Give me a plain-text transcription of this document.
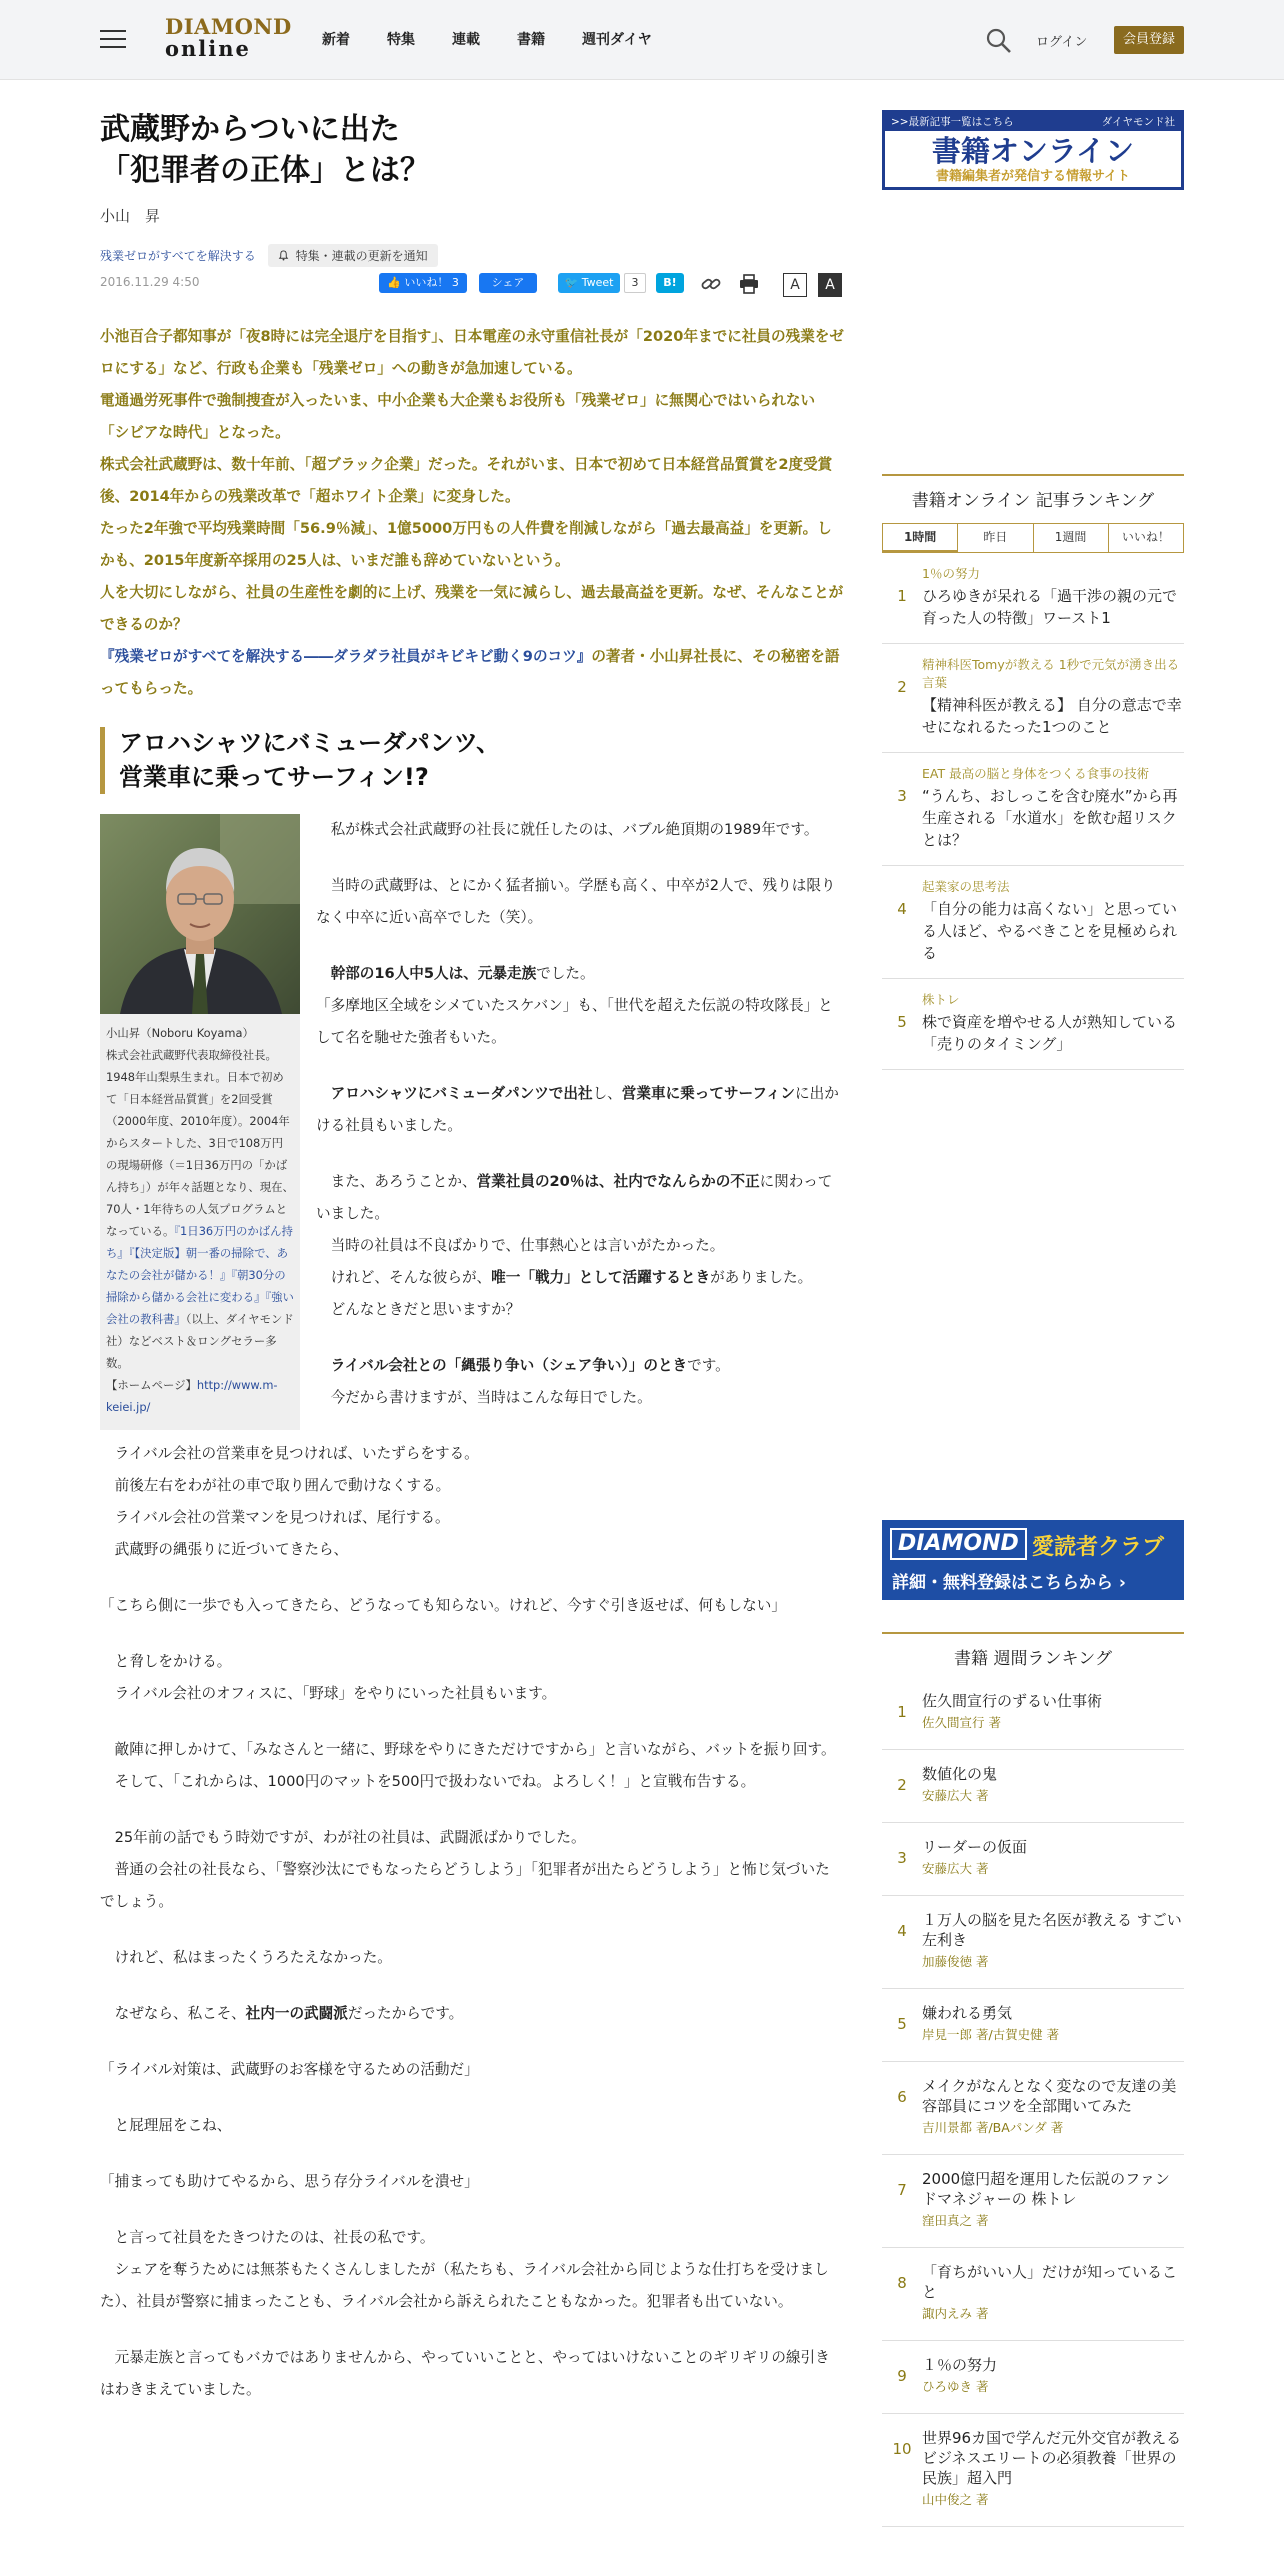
DIAMOND
online	新着	特集	連載	書籍	週刊ダイヤ	ログイン	会員登録
武蔵野からついに出た
「犯罪者の正体」とは？
小山　昇
残業ゼロがすべてを解決する	特集・連載の更新を通知
2016.11.29 4:50	👍 いいね！ 3	シェア	🐦 Tweet	3	B!	A	A

小池百合子都知事が「夜8時には完全退庁を目指す」、日本電産の永守重信社長が「2020年までに社員の残業をゼロにする」など、行政も企業も「残業ゼロ」への動きが急加速している。

電通過労死事件で強制捜査が入ったいま、中小企業も大企業もお役所も「残業ゼロ」に無関心ではいられない「シビアな時代」となった。

株式会社武蔵野は、数十年前、「超ブラック企業」だった。それがいま、日本で初めて日本経営品質賞を2度受賞後、2014年からの残業改革で「超ホワイト企業」に変身した。

たった2年強で平均残業時間「56.9％減」、1億5000万円もの人件費を削減しながら「過去最高益」を更新。しかも、2015年度新卒採用の25人は、いまだ誰も辞めていないという。

人を大切にしながら、社員の生産性を劇的に上げ、残業を一気に減らし、過去最高益を更新。なぜ、そんなことができるのか？

『残業ゼロがすべてを解決する――ダラダラ社員がキビキビ動く9のコツ』の著者・小山昇社長に、その秘密を語ってもらった。

アロハシャツにバミューダパンツ、
営業車に乗ってサーフィン!?
小山昇（Noboru Koyama）
株式会社武蔵野代表取締役社長。1948年山梨県生まれ。日本で初めて「日本経営品質賞」を2回受賞（2000年度、2010年度）。2004年からスタートした、3日で108万円の現場研修（＝1日36万円の「かばん持ち」）が年々話題となり、現在、70人・1年待ちの人気プログラムとなっている。『1日36万円のかばん持ち』『【決定版】朝一番の掃除で、あなたの会社が儲かる！』『朝30分の掃除から儲かる会社に変わる』『強い会社の教科書』（以上、ダイヤモンド社）などベスト＆ロングセラー多数。
【ホームページ】http://www.m-keiei.jp/

　私が株式会社武蔵野の社長に就任したのは、バブル絶頂期の1989年です。

　当時の武蔵野は、とにかく猛者揃い。学歴も高く、中卒が2人で、残りは限りなく中卒に近い高卒でした（笑）。

　幹部の16人中5人は、元暴走族でした。

「多摩地区全域をシメていたスケバン」も、「世代を超えた伝説の特攻隊長」として名を馳せた強者もいた。

　アロハシャツにバミューダパンツで出社し、営業車に乗ってサーフィンに出かける社員もいました。

　また、あろうことか、営業社員の20％は、社内でなんらかの不正に関わっていました。

　当時の社員は不良ばかりで、仕事熱心とは言いがたかった。

　けれど、そんな彼らが、唯一「戦力」として活躍するときがありました。

　どんなときだと思いますか？

　ライバル会社との「縄張り争い（シェア争い）」のときです。

　今だから書けますが、当時はこんな毎日でした。

　ライバル会社の営業車を見つければ、いたずらをする。

　前後左右をわが社の車で取り囲んで動けなくする。

　ライバル会社の営業マンを見つければ、尾行する。

　武蔵野の縄張りに近づいてきたら、

「こちら側に一歩でも入ってきたら、どうなっても知らない。けれど、今すぐ引き返せば、何もしない」

　と脅しをかける。

　ライバル会社のオフィスに、「野球」をやりにいった社員もいます。

　敵陣に押しかけて、「みなさんと一緒に、野球をやりにきただけですから」と言いながら、バットを振り回す。

　そして、「これからは、1000円のマットを500円で扱わないでね。よろしく！」と宣戦布告する。

　25年前の話でもう時効ですが、わが社の社員は、武闘派ばかりでした。

　普通の会社の社長なら、「警察沙汰にでもなったらどうしよう」「犯罪者が出たらどうしよう」と怖じ気づいたでしょう。

　けれど、私はまったくうろたえなかった。

　なぜなら、私こそ、社内一の武闘派だったからです。

「ライバル対策は、武蔵野のお客様を守るための活動だ」

　と屁理屈をこね、

「捕まっても助けてやるから、思う存分ライバルを潰せ」

　と言って社員をたきつけたのは、社長の私です。

　シェアを奪うためには無茶もたくさんしましたが（私たちも、ライバル会社から同じような仕打ちを受けました）、社員が警察に捕まったことも、ライバル会社から訴えられたこともなかった。犯罪者も出ていない。

　元暴走族と言ってもバカではありませんから、やっていいことと、やってはいけないことのギリギリの線引きはわきまえていました。

>>最新記事一覧はこちら	ダイヤモンド社
書籍オンライン
書籍編集者が発信する情報サイト
書籍オンライン 記事ランキング
1時間	昨日	1週間	いいね！
1
1％の努力
ひろゆきが呆れる「過干渉の親の元で育った人の特徴」ワースト1
2
精神科医Tomyが教える 1秒で元気が湧き出る言葉
【精神科医が教える】 自分の意志で幸せになれるたった1つのこと
3
EAT 最高の脳と身体をつくる食事の技術
“うんち、おしっこを含む廃水”から再生産される「水道水」を飲む超リスクとは？
4
起業家の思考法
「自分の能力は高くない」と思っている人ほど、やるべきことを見極められる
5
株トレ
株で資産を増やせる人が熟知している「売りのタイミング」
DIAMOND 愛読者クラブ
詳細・無料登録はこちらから ›
書籍 週間ランキング
1
佐久間宣行のずるい仕事術
佐久間宣行 著
2
数値化の鬼
安藤広大 著
3
リーダーの仮面
安藤広大 著
4
１万人の脳を見た名医が教える すごい左利き
加藤俊徳 著
5
嫌われる勇気
岸見一郎 著/古賀史健 著
6
メイクがなんとなく変なので友達の美容部員にコツを全部聞いてみた
吉川景都 著/BAパンダ 著
7
2000億円超を運用した伝説のファンドマネジャーの 株トレ
窪田真之 著
8
「育ちがいい人」だけが知っていること
諏内えみ 著
9
１％の努力
ひろゆき 著
10
世界96カ国で学んだ元外交官が教える ビジネスエリートの必須教養「世界の民族」超入門
山中俊之 著
